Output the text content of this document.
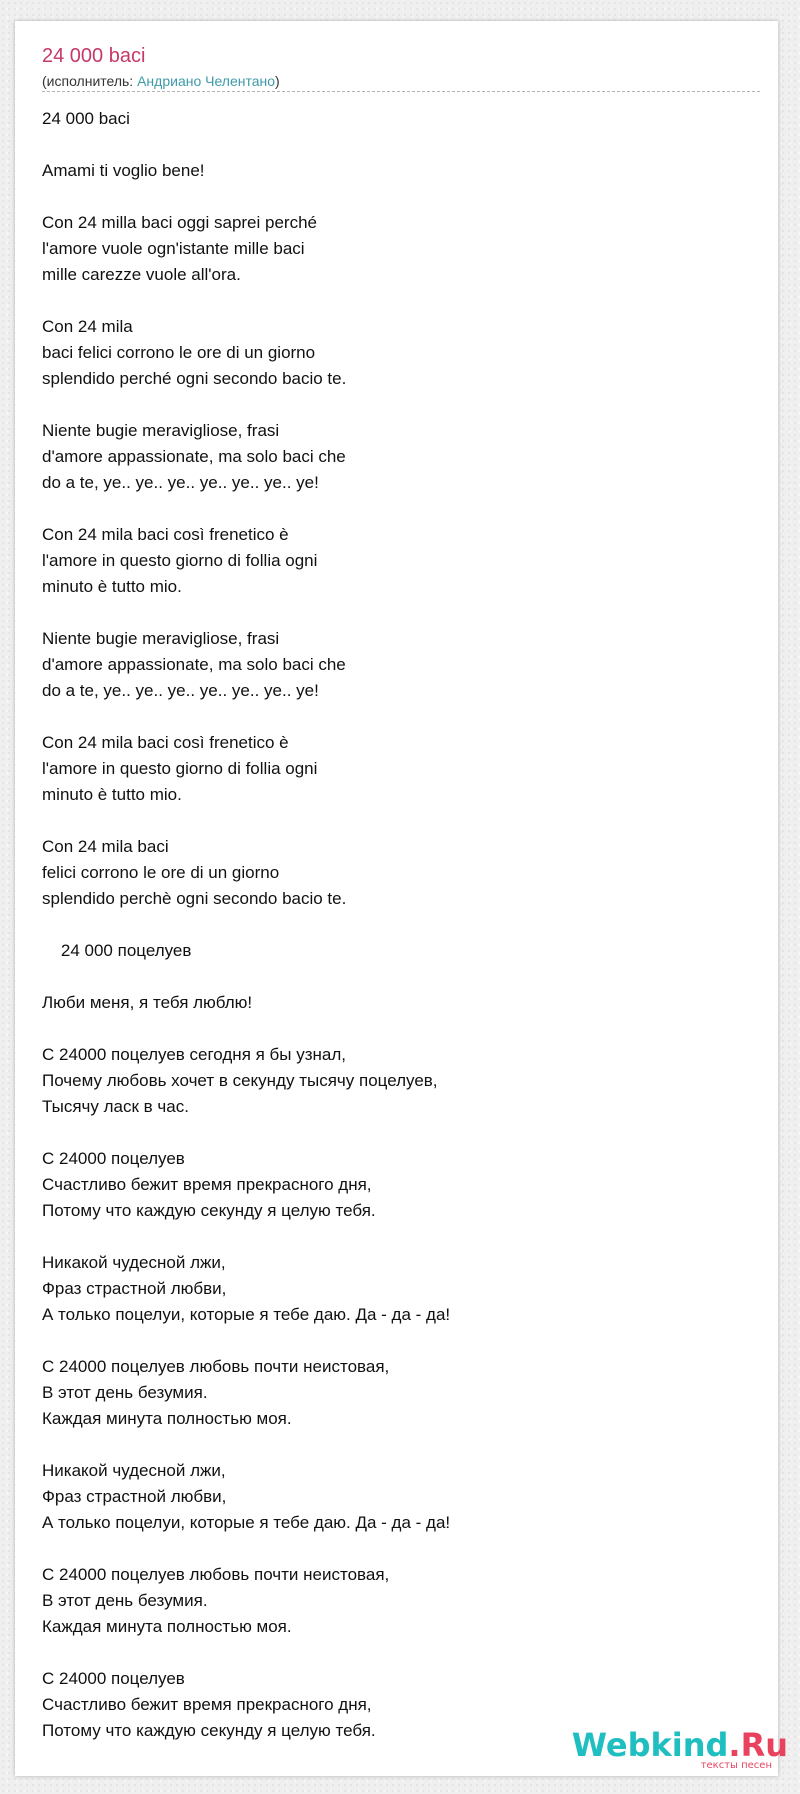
24 000 baci
(исполнитель: Андриано Челентано)
24 000 baci
Amami ti voglio bene!
Con 24 milla baci oggi saprei perché
l'amore vuole ogn'istante mille baci
mille carezze vuole all'ora.
Con 24 mila
baci felici corrono le ore di un giorno
splendido perché ogni secondo bacio te.
Niente bugie meravigliose, frasi
d'amore appassionate, ma solo baci che
do a te, ye.. ye.. ye.. ye.. ye.. ye.. ye!
Con 24 mila baci così frenetico è
l'amore in questo giorno di follia ogni
minuto è tutto mio.
Niente bugie meravigliose, frasi
d'amore appassionate, ma solo baci che
do a te, ye.. ye.. ye.. ye.. ye.. ye.. ye!
Con 24 mila baci così frenetico è
l'amore in questo giorno di follia ogni
minuto è tutto mio.
Con 24 mila baci
felici corrono le ore di un giorno
splendido perchè ogni secondo bacio te.
24 000 поцелуев
Люби меня, я тебя люблю!
С 24000 поцелуев сегодня я бы узнал,
Почему любовь хочет в секунду тысячу поцелуев,
Тысячу ласк в час.
С 24000 поцелуев
Счастливо бежит время прекрасного дня,
Потому что каждую секунду я целую тебя.
Никакой чудесной лжи,
Фраз страстной любви,
А только поцелуи, которые я тебе даю. Да - да - да!
С 24000 поцелуев любовь почти неистовая,
В этот день безумия.
Каждая минута полностью моя.
Никакой чудесной лжи,
Фраз страстной любви,
А только поцелуи, которые я тебе даю. Да - да - да!
С 24000 поцелуев любовь почти неистовая,
В этот день безумия.
Каждая минута полностью моя.
С 24000 поцелуев
Счастливо бежит время прекрасного дня,
Потому что каждую секунду я целую тебя.	Webkind.Ru
тексты песен
